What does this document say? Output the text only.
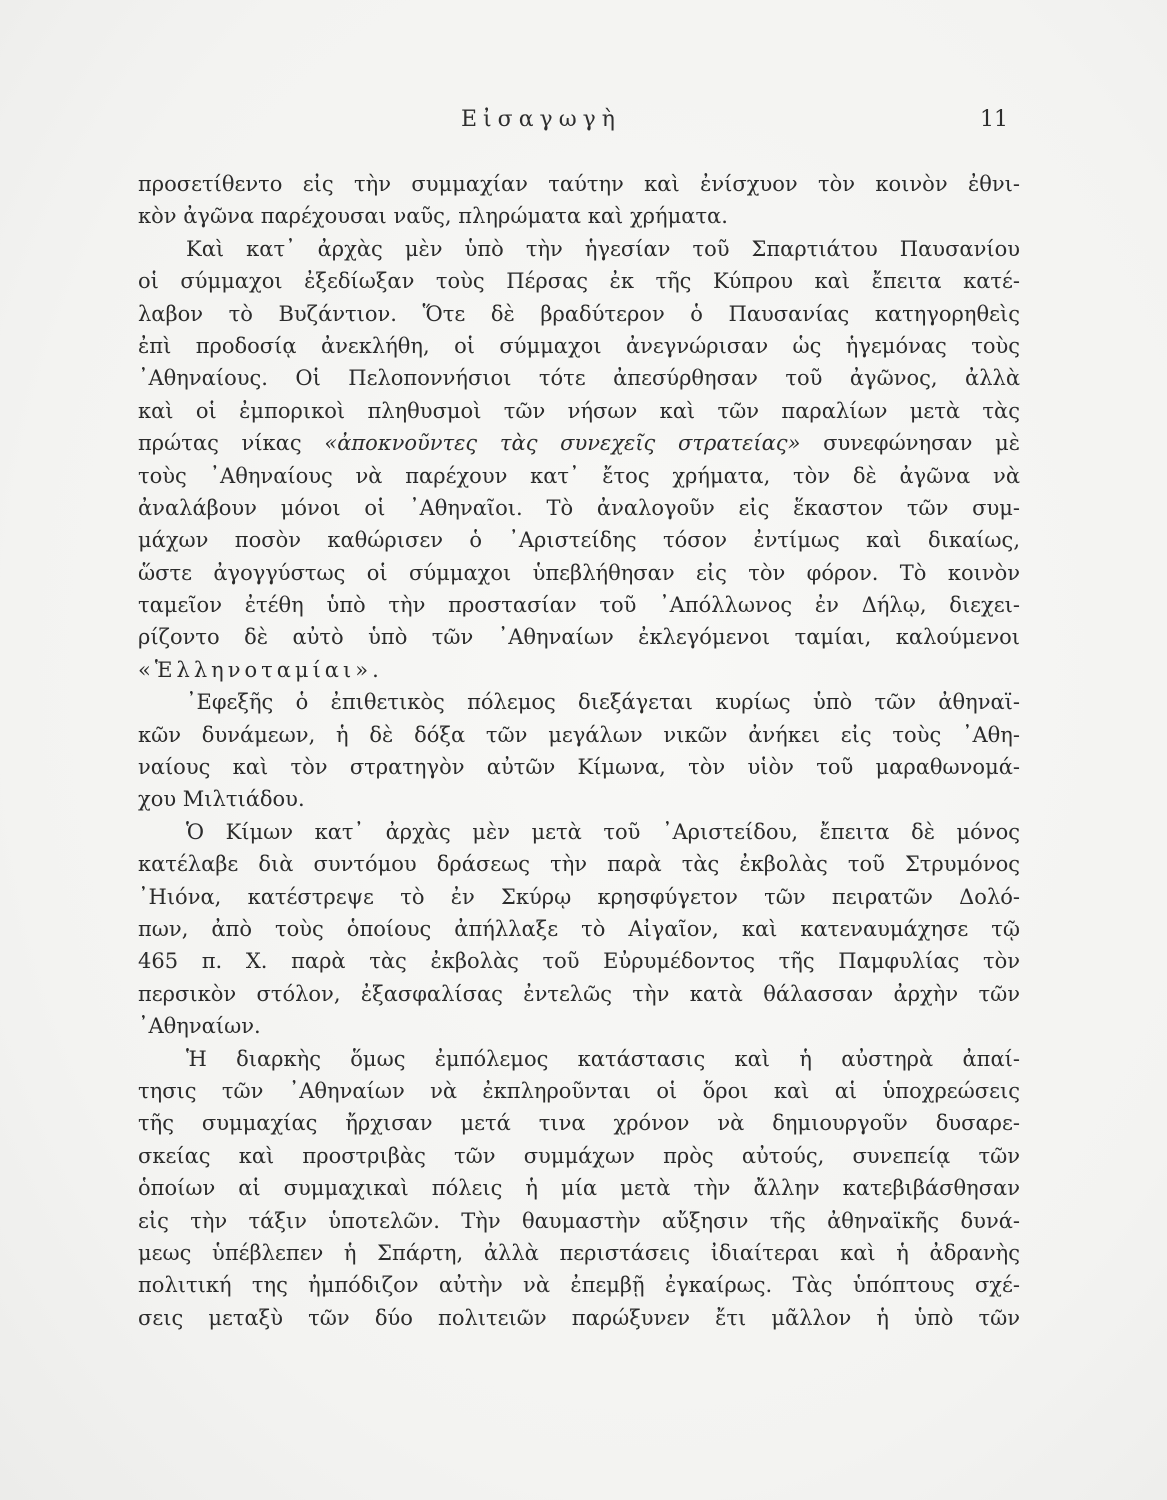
Εἰσαγωγὴ	11
προσετίθεντο εἰς τὴν συμμαχίαν ταύτην καὶ ἐνίσχυον τὸν κοινὸν ἐθνι-
κὸν ἀγῶνα παρέχουσαι ναῦς, πληρώματα καὶ χρήματα.
Καὶ κατ᾽ ἀρχὰς μὲν ὑπὸ τὴν ἡγεσίαν τοῦ Σπαρτιάτου Παυσανίου
οἱ σύμμαχοι ἐξεδίωξαν τοὺς Πέρσας ἐκ τῆς Κύπρου καὶ ἔπειτα κατέ-
λαβον τὸ Βυζάντιον. Ὅτε δὲ βραδύτερον ὁ Παυσανίας κατηγορηθεὶς
ἐπὶ προδοσίᾳ ἀνεκλήθη, οἱ σύμμαχοι ἀνεγνώρισαν ὡς ἡγεμόνας τοὺς
᾽Αθηναίους. Οἱ Πελοποννήσιοι τότε ἀπεσύρθησαν τοῦ ἀγῶνος, ἀλλὰ
καὶ οἱ ἐμπορικοὶ πληθυσμοὶ τῶν νήσων καὶ τῶν παραλίων μετὰ τὰς
πρώτας νίκας «ἀποκνοῦντες τὰς συνεχεῖς στρατείας» συνεφώνησαν μὲ
τοὺς ᾽Αθηναίους νὰ παρέχουν κατ᾽ ἔτος χρήματα, τὸν δὲ ἀγῶνα νὰ
ἀναλάβουν μόνοι οἱ ᾽Αθηναῖοι. Τὸ ἀναλογοῦν εἰς ἕκαστον τῶν συμ-
μάχων ποσὸν καθώρισεν ὁ ᾽Αριστείδης τόσον ἐντίμως καὶ δικαίως,
ὥστε ἀγογγύστως οἱ σύμμαχοι ὑπεβλήθησαν εἰς τὸν φόρον. Τὸ κοινὸν
ταμεῖον ἐτέθη ὑπὸ τὴν προστασίαν τοῦ ᾽Απόλλωνος ἐν Δήλῳ, διεχει-
ρίζοντο δὲ αὐτὸ ὑπὸ τῶν ᾽Αθηναίων ἐκλεγόμενοι ταμίαι, καλούμενοι
«Ἑλληνοταμίαι».
᾽Εφεξῆς ὁ ἐπιθετικὸς πόλεμος διεξάγεται κυρίως ὑπὸ τῶν ἀθηναϊ-
κῶν δυνάμεων, ἡ δὲ δόξα τῶν μεγάλων νικῶν ἀνήκει εἰς τοὺς ᾽Αθη-
ναίους καὶ τὸν στρατηγὸν αὐτῶν Κίμωνα, τὸν υἱὸν τοῦ μαραθωνομά-
χου Μιλτιάδου.
Ὁ Κίμων κατ᾽ ἀρχὰς μὲν μετὰ τοῦ ᾽Αριστείδου, ἔπειτα δὲ μόνος
κατέλαβε διὰ συντόμου δράσεως τὴν παρὰ τὰς ἐκβολὰς τοῦ Στρυμόνος
᾽Ηιόνα, κατέστρεψε τὸ ἐν Σκύρῳ κρησφύγετον τῶν πειρατῶν Δολό-
πων, ἀπὸ τοὺς ὁποίους ἀπήλλαξε τὸ Αἰγαῖον, καὶ κατεναυμάχησε τῷ
465 π. Χ. παρὰ τὰς ἐκβολὰς τοῦ Εὐρυμέδοντος τῆς Παμφυλίας τὸν
περσικὸν στόλον, ἐξασφαλίσας ἐντελῶς τὴν κατὰ θάλασσαν ἀρχὴν τῶν
᾽Αθηναίων.
Ἡ διαρκὴς ὅμως ἐμπόλεμος κατάστασις καὶ ἡ αὐστηρὰ ἀπαί-
τησις τῶν ᾽Αθηναίων νὰ ἐκπληροῦνται οἱ ὅροι καὶ αἱ ὑποχρεώσεις
τῆς συμμαχίας ἤρχισαν μετά τινα χρόνον νὰ δημιουργοῦν δυσαρε-
σκείας καὶ προστριβὰς τῶν συμμάχων πρὸς αὐτούς, συνεπείᾳ τῶν
ὁποίων αἱ συμμαχικαὶ πόλεις ἡ μία μετὰ τὴν ἄλλην κατεβιβάσθησαν
εἰς τὴν τάξιν ὑποτελῶν. Τὴν θαυμαστὴν αὔξησιν τῆς ἀθηναϊκῆς δυνά-
μεως ὑπέβλεπεν ἡ Σπάρτη, ἀλλὰ περιστάσεις ἰδιαίτεραι καὶ ἡ ἀδρανὴς
πολιτική της ἠμπόδιζον αὐτὴν νὰ ἐπεμβῇ ἐγκαίρως. Τὰς ὑπόπτους σχέ-
σεις μεταξὺ τῶν δύο πολιτειῶν παρώξυνεν ἔτι μᾶλλον ἡ ὑπὸ τῶν
